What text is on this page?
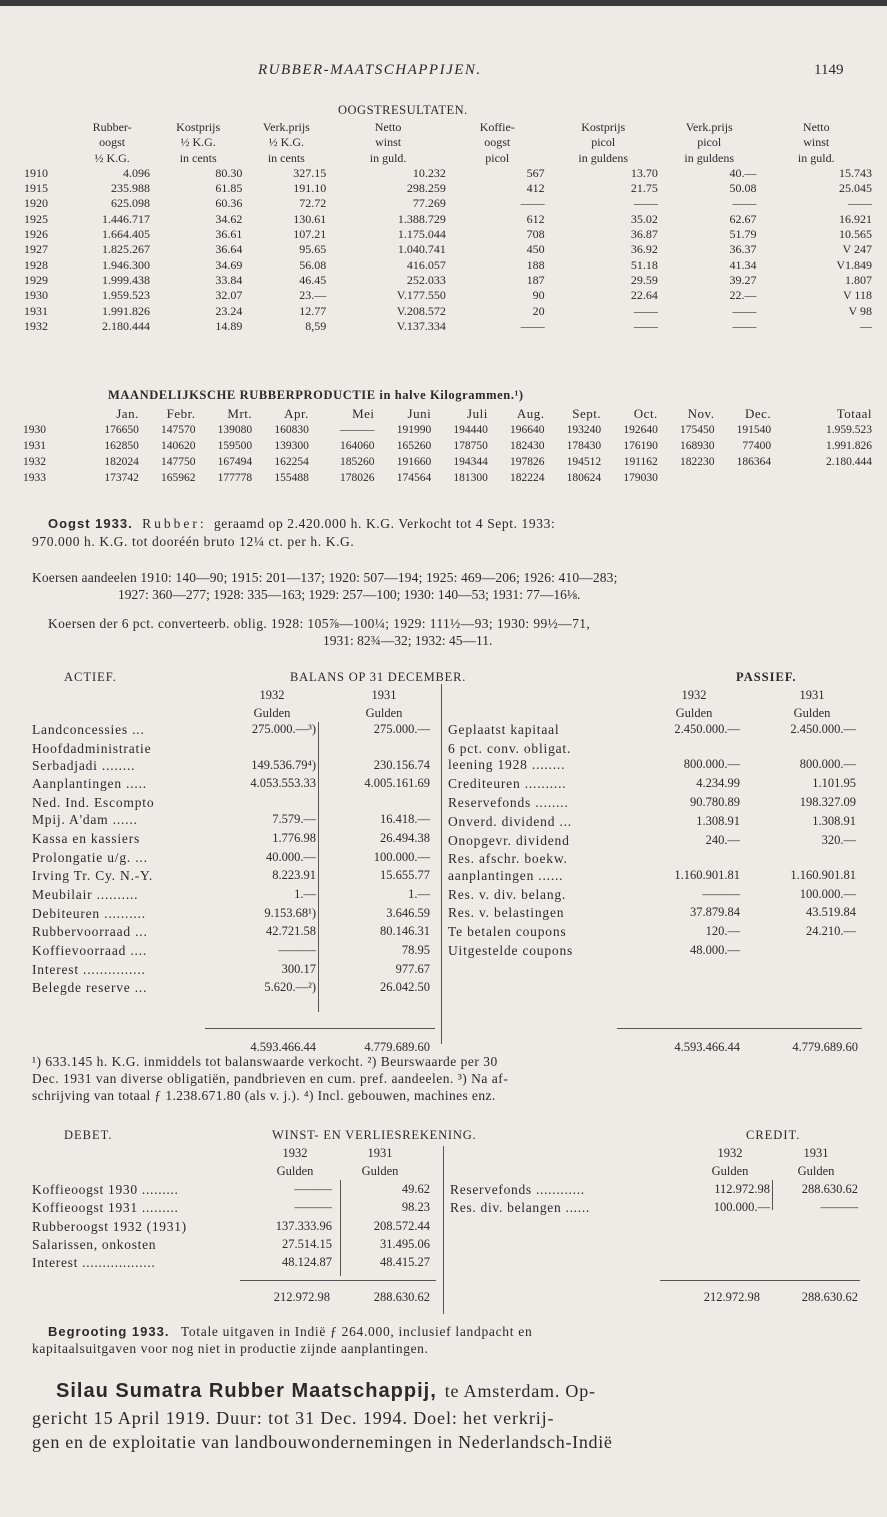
RUBBER-MAATSCHAPPIJEN.	1149
OOGSTRESULTATEN.
	Rubber-	Kostprijs	Verk.prijs	Netto	Koffie-	Kostprijs	Verk.prijs	Netto
	oogst	½ K.G.	½ K.G.	winst	oogst	picol	picol	winst
	½ K.G.	in cents	in cents	in guld.	picol	in guldens	in guldens	in guld.
1910	4.096	80.30	327.15	10.232	567	13.70	40.—	15.743
1915	235.988	61.85	191.10	298.259	412	21.75	50.08	25.045
1920	625.098	60.36	72.72	77.269	——	——	——	——
1925	1.446.717	34.62	130.61	1.388.729	612	35.02	62.67	16.921
1926	1.664.405	36.61	107.21	1.175.044	708	36.87	51.79	10.565
1927	1.825.267	36.64	95.65	1.040.741	450	36.92	36.37	V 247
1928	1.946.300	34.69	56.08	416.057	188	51.18	41.34	V1.849
1929	1.999.438	33.84	46.45	252.033	187	29.59	39.27	1.807
1930	1.959.523	32.07	23.—	V.177.550	90	22.64	22.—	V 118
1931	1.991.826	23.24	12.77	V.208.572	20	——	——	V 98
1932	2.180.444	14.89	8,59	V.137.334	——	——	——	—
MAANDELIJKSCHE RUBBERPRODUCTIE in halve Kilogrammen.¹)
	Jan.	Febr.	Mrt.	Apr.	Mei	Juni	Juli	Aug.	Sept.	Oct.	Nov.	Dec.	Totaal
1930	176650	147570	139080	160830	———	191990	194440	196640	193240	192640	175450	191540	1.959.523
1931	162850	140620	159500	139300	164060	165260	178750	182430	178430	176190	168930	77400	1.991.826
1932	182024	147750	167494	162254	185260	191660	194344	197826	194512	191162	182230	186364	2.180.444
1933	173742	165962	177778	155488	178026	174564	181300	182224	180624	179030			
Oogst 1933. Rubber: geraamd op 2.420.000 h. K.G. Verkocht tot 4 Sept. 1933:
970.000 h. K.G. tot dooréén bruto 12¼ ct. per h. K.G.
Koersen aandeelen 1910: 140—90; 1915: 201—137; 1920: 507—194; 1925: 469—206; 1926: 410—283;
1927: 360—277; 1928: 335—163; 1929: 257—100; 1930: 140—53; 1931: 77—16⅛.
Koersen der 6 pct. converteerb. oblig. 1928: 105⅞—100¼; 1929: 111½—93; 1930: 99½—71,
1931: 82¾—32; 1932: 45—11.
ACTIEF.	BALANS OP 31 DECEMBER.	PASSIEF.
1932	1931
Gulden	Gulden
1932	1931
Gulden	Gulden
Landconcessies ...	275.000.—³)	275.000.—
Hoofdadministratie
Serbadjadi ........	149.536.79⁴)	230.156.74
Aanplantingen .....	4.053.553.33	4.005.161.69
Ned. Ind. Escompto
Mpij. A'dam ......	7.579.—	16.418.—
Kassa en kassiers	1.776.98	26.494.38
Prolongatie u/g. ...	40.000.—	100.000.—
Irving Tr. Cy. N.-Y.	8.223.91	15.655.77
Meubilair ..........	1.—	1.—
Debiteuren ..........	9.153.68¹)	3.646.59
Rubbervoorraad ...	42.721.58	80.146.31
Koffievoorraad ....	———	78.95
Interest ...............	300.17	977.67
Belegde reserve ...	5.620.—²)	26.042.50
Geplaatst kapitaal	2.450.000.—	2.450.000.—
6 pct. conv. obligat.
leening 1928 ........	800.000.—	800.000.—
Crediteuren ..........	4.234.99	1.101.95
Reservefonds ........	90.780.89	198.327.09
Onverd. dividend ...	1.308.91	1.308.91
Onopgevr. dividend	240.—	320.—
Res. afschr. boekw.
aanplantingen ......	1.160.901.81	1.160.901.81
Res. v. div. belang.	———	100.000.—
Res. v. belastingen	37.879.84	43.519.84
Te betalen coupons	120.—	24.210.—
Uitgestelde coupons	48.000.—
4.593.466.44	4.779.689.60	4.593.466.44	4.779.689.60
¹) 633.145 h. K.G. inmiddels tot balanswaarde verkocht. ²) Beurswaarde per 30
Dec. 1931 van diverse obligatiën, pandbrieven en cum. pref. aandeelen. ³) Na af-
schrijving van totaal ƒ 1.238.671.80 (als v. j.). ⁴) Incl. gebouwen, machines enz.
DEBET.	WINST- EN VERLIESREKENING.	CREDIT.
1932	1931
Gulden	Gulden
1932	1931
Gulden	Gulden
Koffieoogst 1930 .........	———	49.62
Koffieoogst 1931 .........	———	98.23
Rubberoogst 1932 (1931)	137.333.96	208.572.44
Salarissen, onkosten	27.514.15	31.495.06
Interest ..................	48.124.87	48.415.27
Reservefonds ............	112.972.98	288.630.62
Res. div. belangen ......	100.000.—	———
212.972.98	288.630.62	212.972.98	288.630.62
Begrooting 1933. Totale uitgaven in Indië ƒ 264.000, inclusief landpacht en
kapitaalsuitgaven voor nog niet in productie zijnde aanplantingen.
Silau Sumatra Rubber Maatschappij, te Amsterdam. Op-
gericht 15 April 1919. Duur: tot 31 Dec. 1994. Doel: het verkrij-
gen en de exploitatie van landbouwondernemingen in Nederlandsch-Indië
